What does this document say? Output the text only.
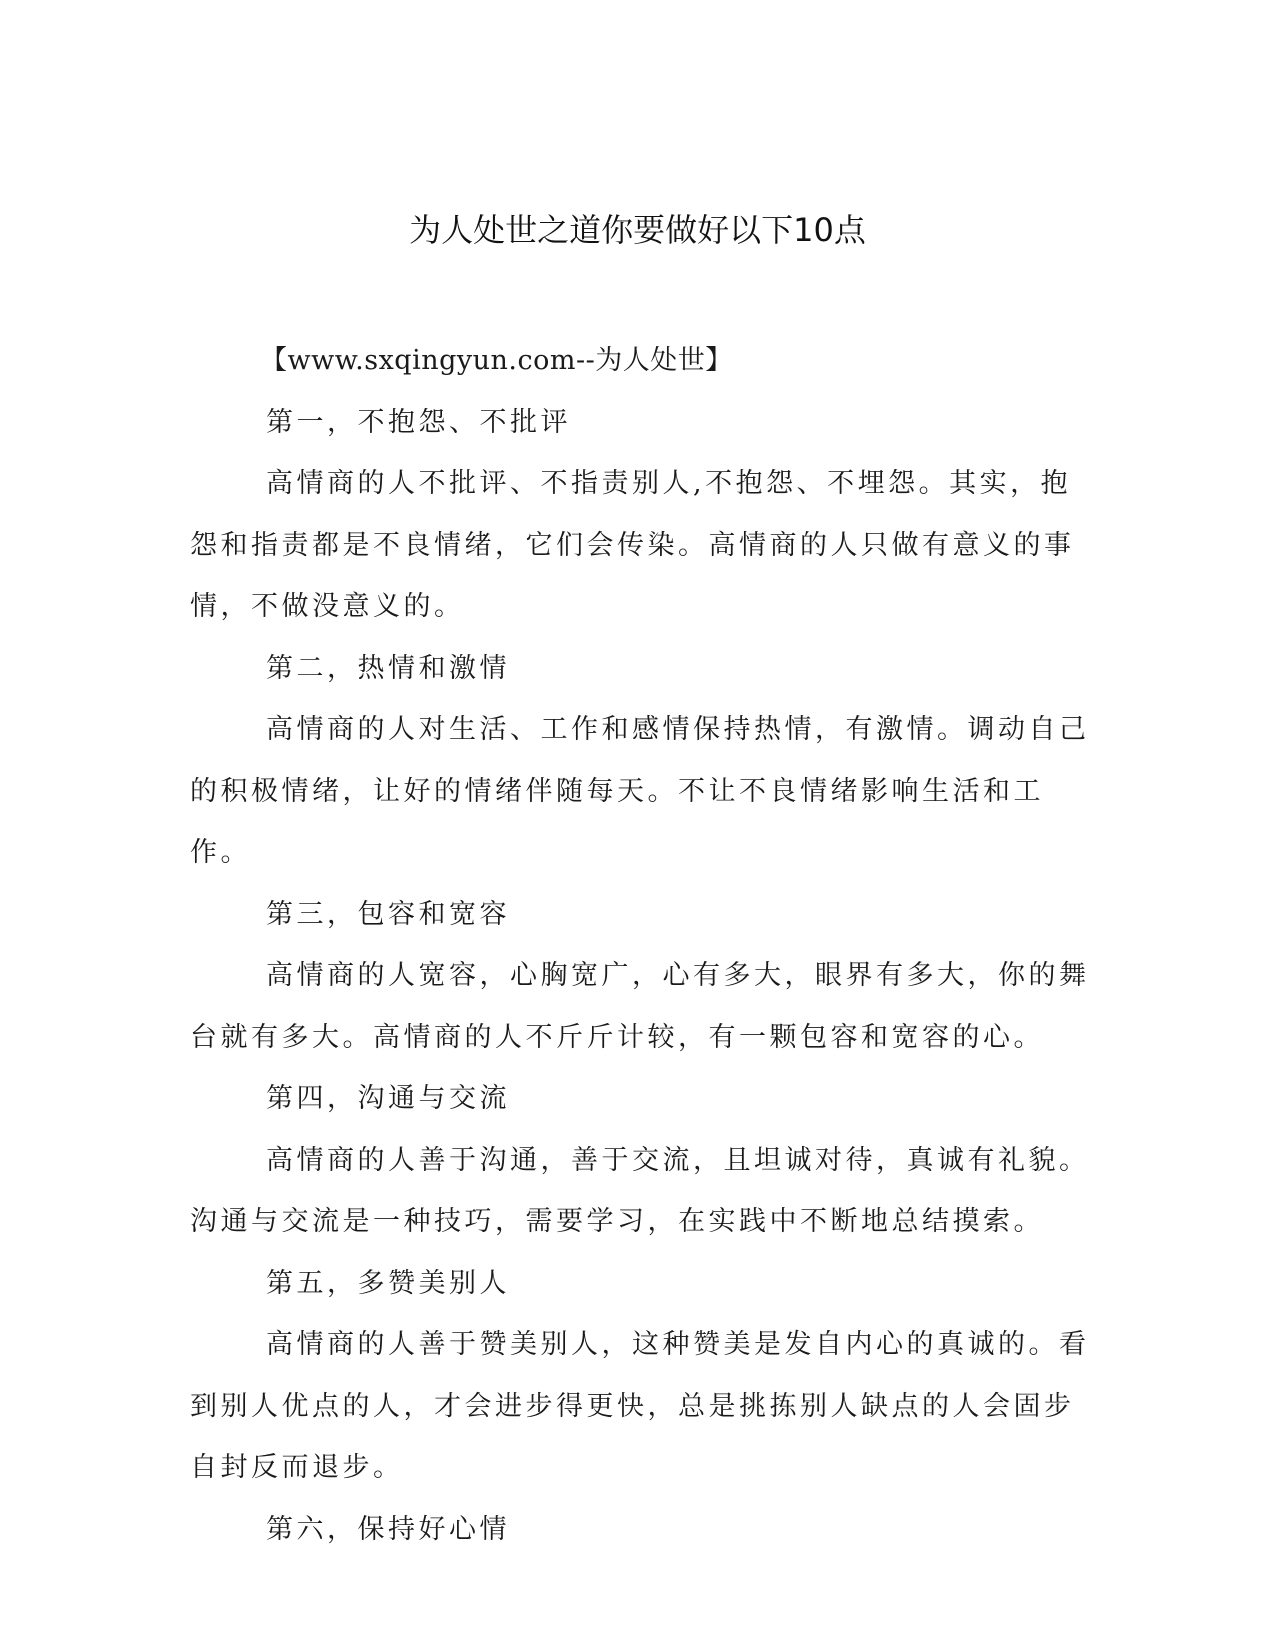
为人处世之道你要做好以下10点

【www.sxqingyun.com--为人处世】

第一，不抱怨、不批评

高情商的人不批评、不指责别人,不抱怨、不埋怨。其实，抱怨和指责都是不良情绪，它们会传染。高情商的人只做有意义的事情，不做没意义的。

第二，热情和激情

高情商的人对生活、工作和感情保持热情，有激情。调动自己的积极情绪，让好的情绪伴随每天。不让不良情绪影响生活和工作。

第三，包容和宽容

高情商的人宽容，心胸宽广，心有多大，眼界有多大，你的舞台就有多大。高情商的人不斤斤计较，有一颗包容和宽容的心。

第四，沟通与交流

高情商的人善于沟通，善于交流，且坦诚对待，真诚有礼貌。沟通与交流是一种技巧，需要学习，在实践中不断地总结摸索。

第五，多赞美别人

高情商的人善于赞美别人，这种赞美是发自内心的真诚的。看到别人优点的人，才会进步得更快，总是挑拣别人缺点的人会固步自封反而退步。

第六，保持好心情
